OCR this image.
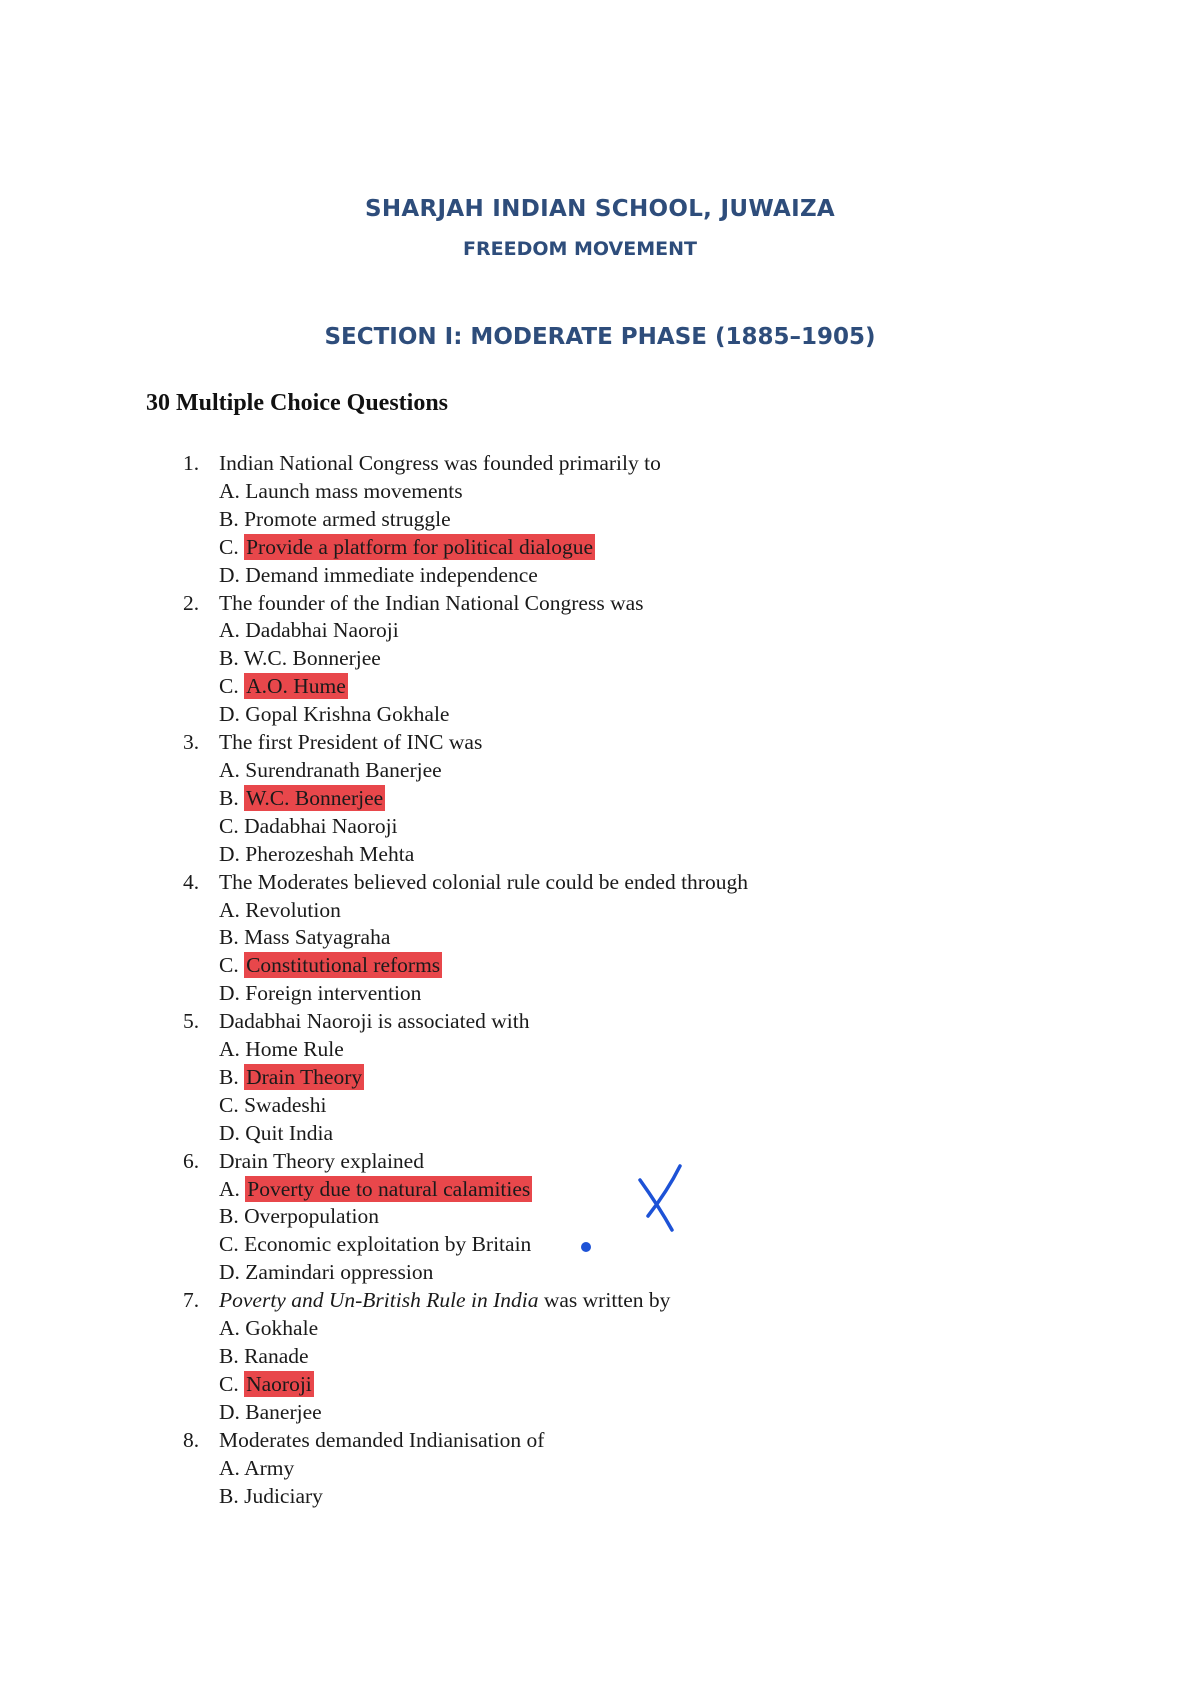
SHARJAH INDIAN SCHOOL, JUWAIZA
FREEDOM MOVEMENT
SECTION I: MODERATE PHASE (1885–1905)
30 Multiple Choice Questions
1. Indian National Congress was founded primarily to
A. Launch mass movements
B. Promote armed struggle
C. Provide a platform for political dialogue
D. Demand immediate independence
2. The founder of the Indian National Congress was
A. Dadabhai Naoroji
B. W.C. Bonnerjee
C. A.O. Hume
D. Gopal Krishna Gokhale
3. The first President of INC was
A. Surendranath Banerjee
B. W.C. Bonnerjee
C. Dadabhai Naoroji
D. Pherozeshah Mehta
4. The Moderates believed colonial rule could be ended through
A. Revolution
B. Mass Satyagraha
C. Constitutional reforms
D. Foreign intervention
5. Dadabhai Naoroji is associated with
A. Home Rule
B. Drain Theory
C. Swadeshi
D. Quit India
6. Drain Theory explained
A. Poverty due to natural calamities
B. Overpopulation
C. Economic exploitation by Britain
D. Zamindari oppression
7. Poverty and Un-British Rule in India was written by
A. Gokhale
B. Ranade
C. Naoroji
D. Banerjee
8. Moderates demanded Indianisation of
A. Army
B. Judiciary
